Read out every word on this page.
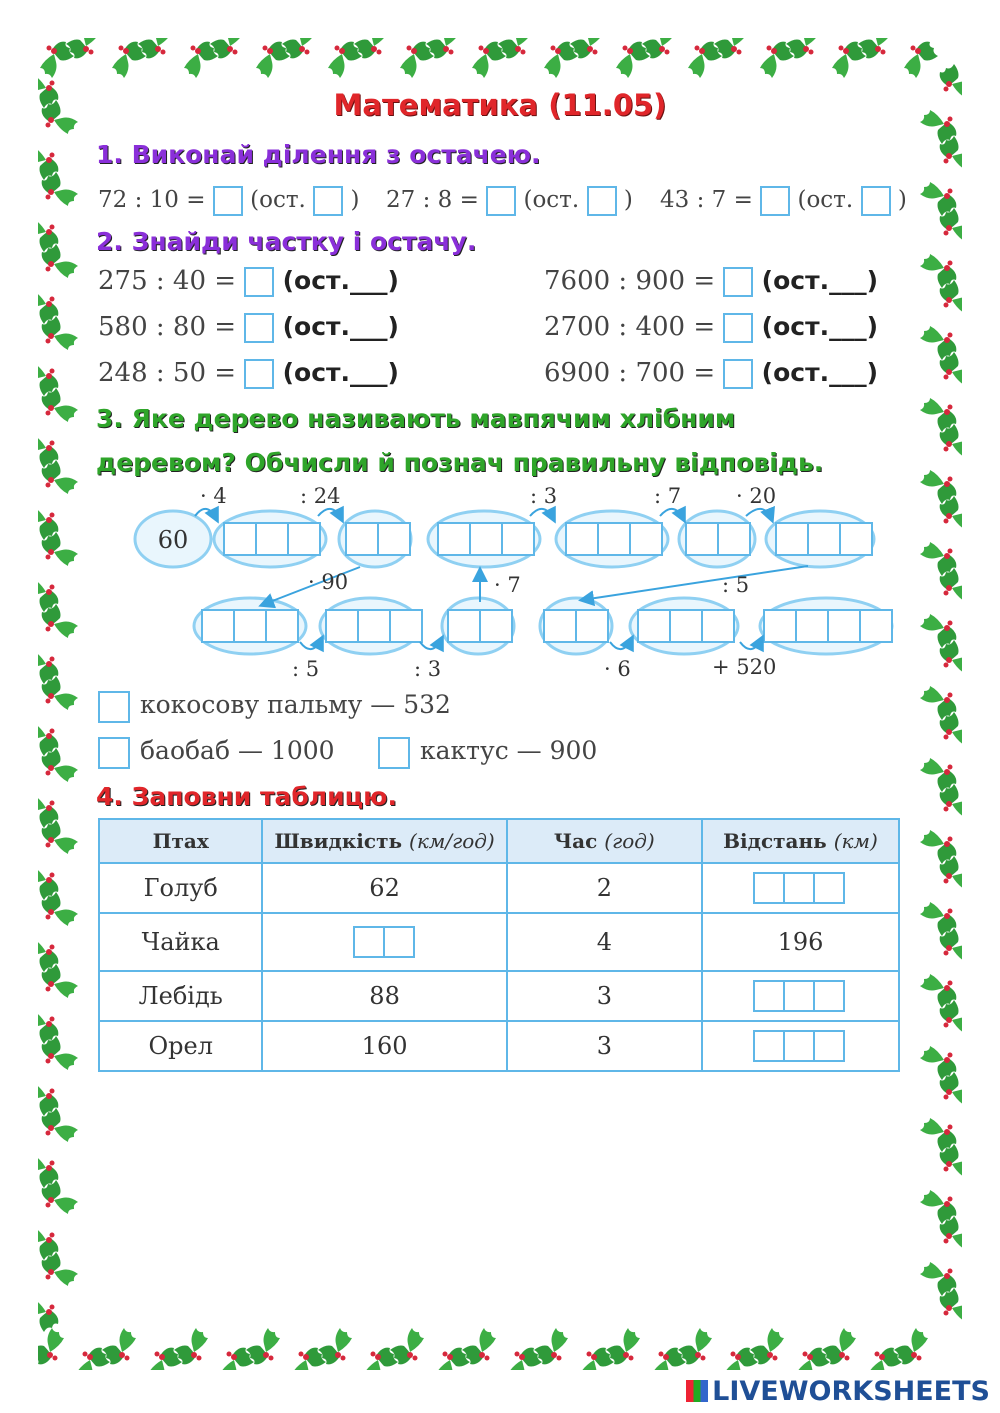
Математика (11.05)
1. Виконай ділення з остачею.
72 : 10 = (ост. ) 27 : 8 = (ост. ) 43 : 7 = (ост. )
2. Знайди частку і остачу.
275 : 40 = (ост.___)
580 : 80 = (ост.___)
248 : 50 = (ост.___)
7600 : 900 = (ост.___)
2700 : 400 = (ост.___)
6900 : 700 = (ост.___)
3. Яке дерево називають мавпячим хлібним
деревом? Обчисли й познач правильну відповідь.
60
· 4	: 24	: 3	: 7	· 20
· 90	· 7	: 5
: 5	: 3	· 6	+ 520
кокосову пальму — 532
баобаб — 1000	кактус — 900
4. Заповни таблицю.
Птах	Швидкість (км/год)	Час (год)	Відстань (км)
Голуб	62	2	

Чайка		4	196
Лебідь	88	3	

Орел	160	3	
LIVEWORKSHEETS
